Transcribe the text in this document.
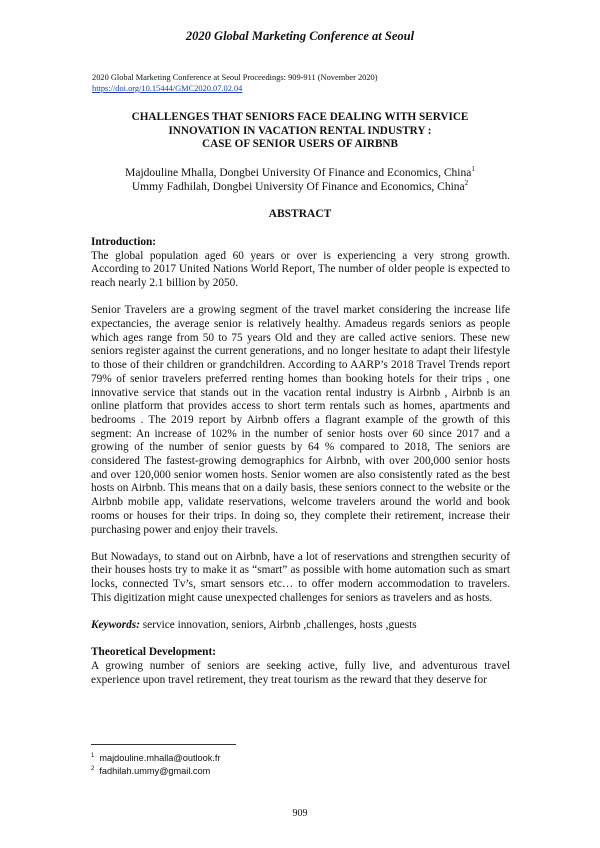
2020 Global Marketing Conference at Seoul
2020 Global Marketing Conference at Seoul Proceedings: 909-911 (November 2020)
https://doi.org/10.15444/GMC2020.07.02.04
CHALLENGES THAT SENIORS FACE DEALING WITH SERVICE
INNOVATION IN VACATION RENTAL INDUSTRY :
CASE OF SENIOR USERS OF AIRBNB
Majdouline Mhalla, Dongbei University Of Finance and Economics, China$^1$
Ummy Fadhilah, Dongbei University Of Finance and Economics, China$^2$
ABSTRACT

Introduction:

The global population aged 60 years or over is experiencing a very strong growth. According to 2017 United Nations World Report, The number of older people is expected to reach nearly 2.1 billion by 2050.

Senior Travelers are a growing segment of the travel market considering the increase life expectancies, the average senior is relatively healthy. Amadeus regards seniors as people which ages range from 50 to 75 years Old and they are called active seniors. These new seniors register against the current generations, and no longer hesitate to adapt their lifestyle to those of their children or grandchildren. According to AARP’s 2018 Travel Trends report 79% of senior travelers preferred renting homes than booking hotels for their trips , one innovative service that stands out in the vacation rental industry is Airbnb , Airbnb is an online platform that provides access to short term rentals such as homes, apartments and bedrooms . The 2019 report by Airbnb offers a flagrant example of the growth of this segment: An increase of 102% in the number of senior hosts over 60 since 2017 and a growing of the number of senior guests by 64 % compared to 2018, The seniors are considered The fastest-growing demographics for Airbnb, with over 200,000 senior hosts and over 120,000 senior women hosts. Senior women are also consistently rated as the best hosts on Airbnb. This means that on a daily basis, these seniors connect to the website or the Airbnb mobile app, validate reservations, welcome travelers around the world and book rooms or houses for their trips. In doing so, they complete their retirement, increase their purchasing power and enjoy their travels.

But Nowadays, to stand out on Airbnb, have a lot of reservations and strengthen security of their houses hosts try to make it as “smart” as possible with home automation such as smart locks, connected Tv’s, smart sensors etc… to offer modern accommodation to travelers. This digitization might cause unexpected challenges for seniors as travelers and as hosts.

Keywords: service innovation, seniors, Airbnb ,challenges, hosts ,guests

Theoretical Development:

A growing number of seniors are seeking active, fully live, and adventurous travel experience upon travel retirement, they treat tourism as the reward that they deserve for

$^1$ majdouline.mhalla@outlook.fr
$^2$ fadhilah.ummy@gmail.com
909
